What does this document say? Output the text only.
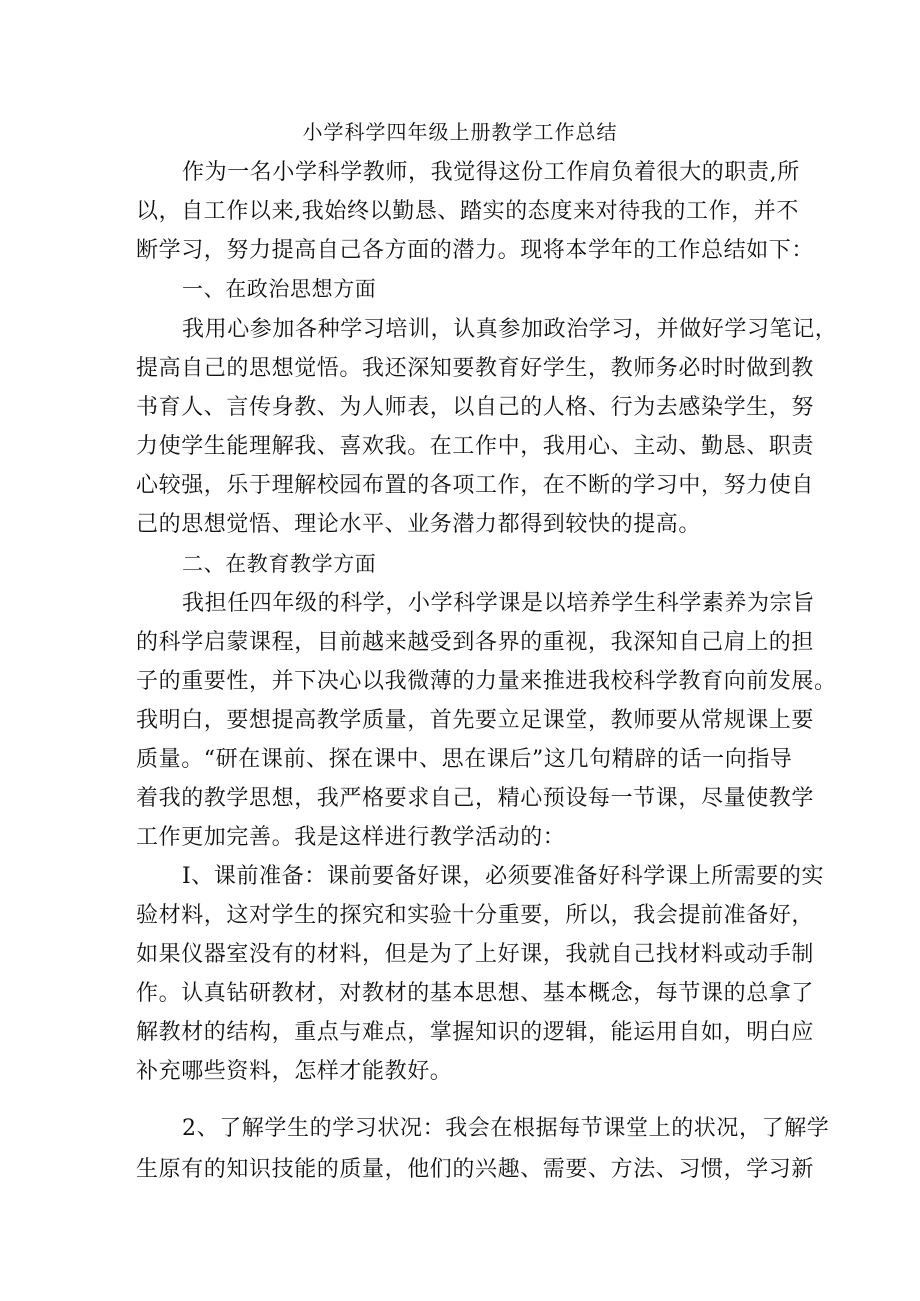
小学科学四年级上册教学工作总结
作为一名小学科学教师，我觉得这份工作肩负着很大的职责,所
以，自工作以来,我始终以勤恳、踏实的态度来对待我的工作，并不
断学习，努力提高自己各方面的潜力。现将本学年的工作总结如下：
一、在政治思想方面
我用心参加各种学习培训，认真参加政治学习，并做好学习笔记，
提高自己的思想觉悟。我还深知要教育好学生，教师务必时时做到教
书育人、言传身教、为人师表，以自己的人格、行为去感染学生，努
力使学生能理解我、喜欢我。在工作中，我用心、主动、勤恳、职责
心较强，乐于理解校园布置的各项工作，在不断的学习中，努力使自
己的思想觉悟、理论水平、业务潜力都得到较快的提高。
二、在教育教学方面
我担任四年级的科学，小学科学课是以培养学生科学素养为宗旨
的科学启蒙课程，目前越来越受到各界的重视，我深知自己肩上的担
子的重要性，并下决心以我微薄的力量来推进我校科学教育向前发展。
我明白，要想提高教学质量，首先要立足课堂，教师要从常规课上要
质量。“研在课前、探在课中、思在课后”这几句精辟的话一向指导
着我的教学思想，我严格要求自己，精心预设每一节课，尽量使教学
工作更加完善。我是这样进行教学活动的：
I、课前准备：课前要备好课，必须要准备好科学课上所需要的实
验材料，这对学生的探究和实验十分重要，所以，我会提前准备好，
如果仪器室没有的材料，但是为了上好课，我就自己找材料或动手制
作。认真钻研教材，对教材的基本思想、基本概念，每节课的总拿了
解教材的结构，重点与难点，掌握知识的逻辑，能运用自如，明白应
补充哪些资料，怎样才能教好。
2、了解学生的学习状况：我会在根据每节课堂上的状况，了解学
生原有的知识技能的质量，他们的兴趣、需要、方法、习惯，学习新
